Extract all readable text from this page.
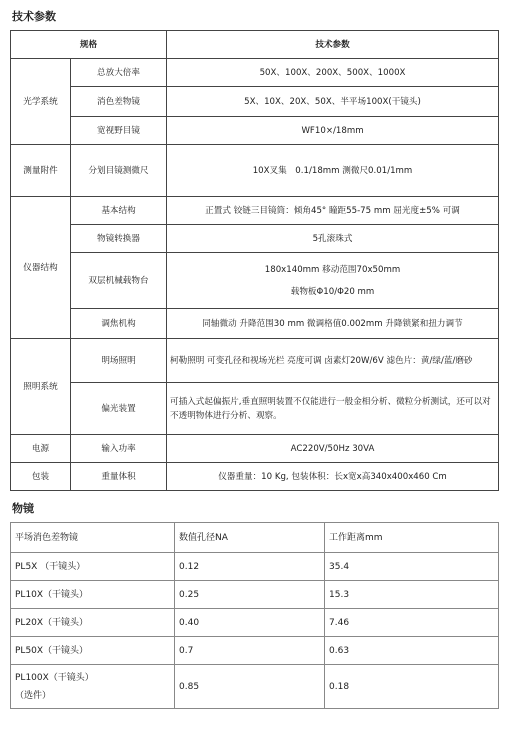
技术参数
规格		技术参数
光学系统	总放大倍率	50X、100X、200X、500X、1000X
	消色差物镜	5X、10X、20X、50X、半平场100X(干镜头)
	宽视野目镜	WF10×/18mm
测量附件	分划目镜测微尺	10X叉集　0.1/18mm 测微尺0.01/1mm
仪器结构	基本结构	正置式 铰链三目镜筒：倾角45° 瞳距55-75 mm 屈光度±5% 可调
	物镜转换器	5孔滚珠式
	双层机械载物台	180x140mm 移动范围70x50mm
载物板Φ10/Φ20 mm

	调焦机构	同轴微动 升降范围30 mm 微调格值0.002mm 升降锁紧和扭力调节
照明系统	明场照明	柯勒照明 可变孔径和视场光栏 亮度可调 卤素灯20W/6V 滤色片：黄/绿/蓝/磨砂
	偏光装置	可插入式起偏振片,垂直照明装置不仅能进行一般金相分析、微粒分析测试，还可以对不透明物体进行分析、观察。
电源	输入功率	AC220V/50Hz 30VA
包装	重量体积	仪器重量：10 Kg, 包装体积：长x宽x高340x400x460 Cm
物镜
平场消色差物镜	数值孔径NA	工作距离mm
PL5X （干镜头）	0.12	35.4
PL10X（干镜头）	0.25	15.3
PL20X（干镜头）	0.40	7.46
PL50X（干镜头）	0.7	0.63

PL100X（干镜头）
（选件）	0.85	0.18
